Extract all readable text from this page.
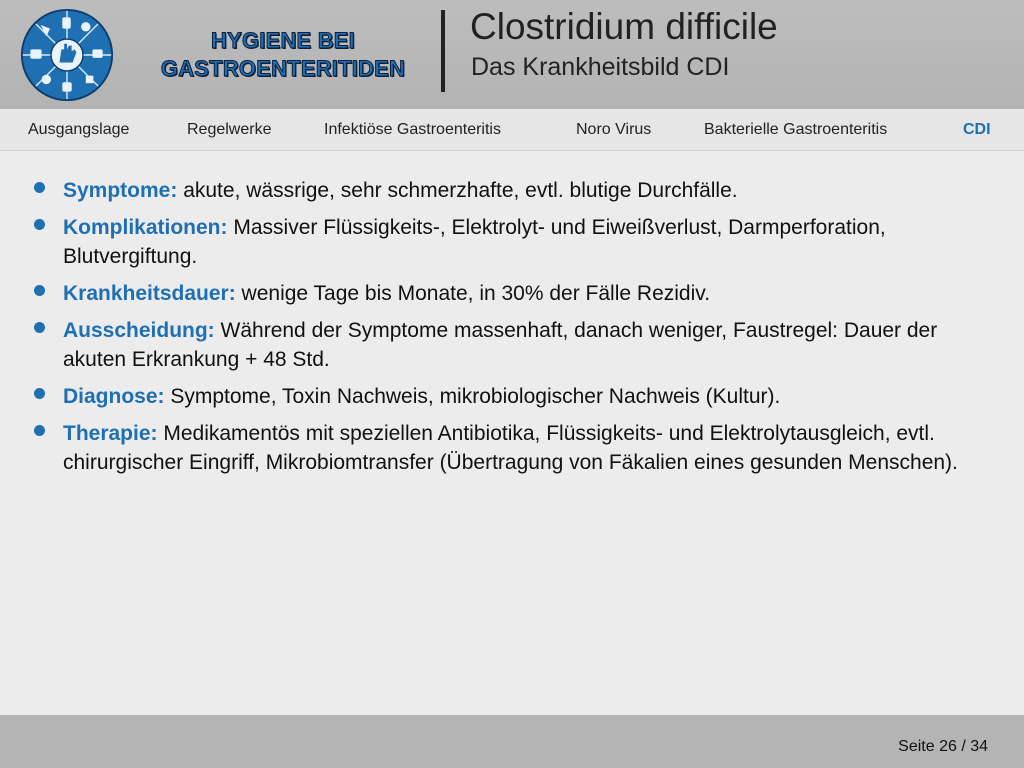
HYGIENE BEI
GASTROENTERITIDEN
Clostridium difficile
Das Krankheitsbild CDI
Ausgangslage	Regelwerke	Infektiöse Gastroenteritis	Noro Virus	Bakterielle Gastroenteritis	CDI
Symptome: akute, wässrige, sehr schmerzhafte, evtl. blutige Durchfälle.
Komplikationen: Massiver Flüssigkeits-, Elektrolyt- und Eiweißverlust, Darmperforation, Blutvergiftung.
Krankheitsdauer: wenige Tage bis Monate, in 30% der Fälle Rezidiv.
Ausscheidung: Während der Symptome massenhaft, danach weniger, Faustregel: Dauer der akuten Erkrankung + 48 Std.
Diagnose: Symptome, Toxin Nachweis, mikrobiologischer Nachweis (Kultur).
Therapie: Medikamentös mit speziellen Antibiotika, Flüssigkeits- und Elektrolytausgleich, evtl. chirurgischer Eingriff, Mikrobiomtransfer (Übertragung von Fäkalien eines gesunden Menschen).
Seite 26 / 34
